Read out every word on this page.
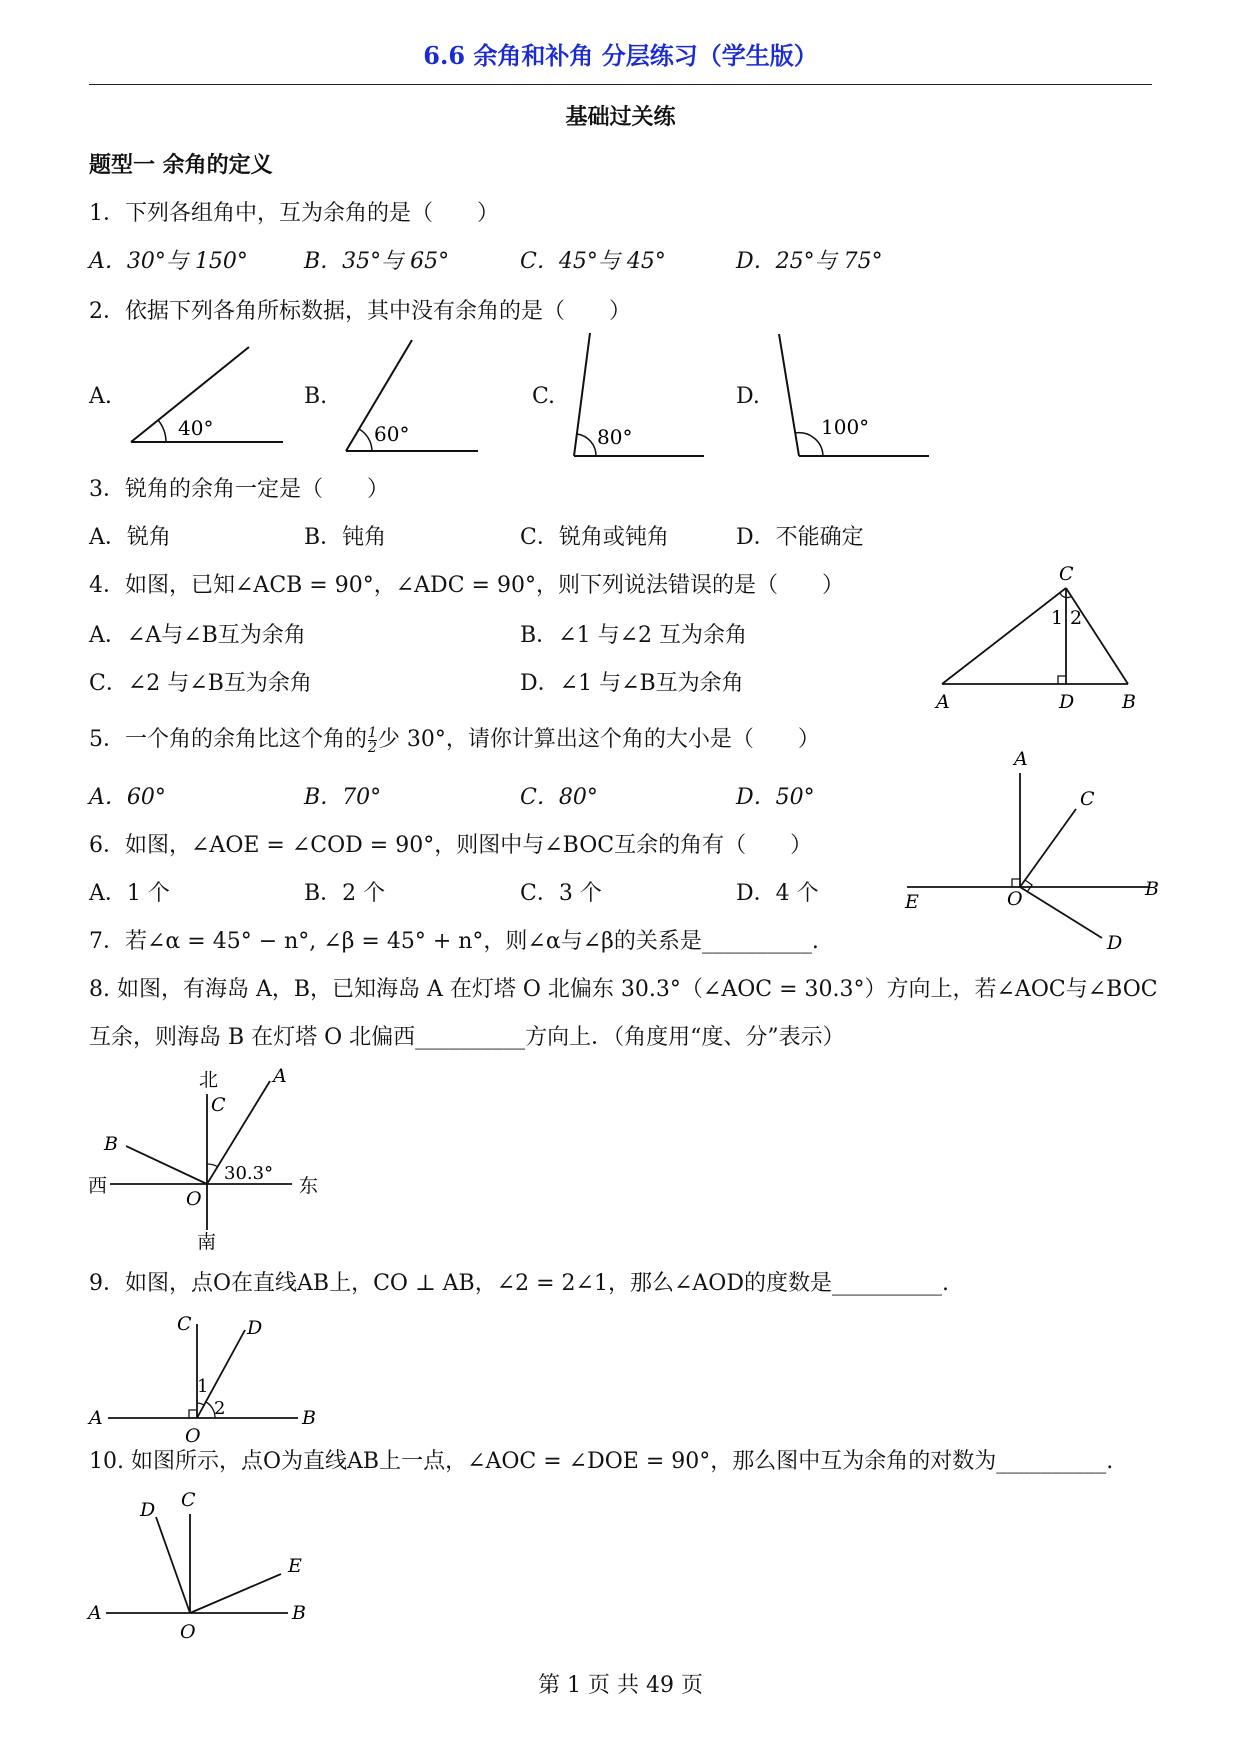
6.6 余角和补角 分层练习（学生版）
基础过关练
题型一 余角的定义
1．下列各组角中，互为余角的是（　　）
A．30°与 150°	B．35°与 65°	C．45°与 45°	D．25°与 75°
2．依据下列各角所标数据，其中没有余角的是（　　）
A.	B.	C.	D.
40°	60°	80°	100°
3．锐角的余角一定是（　　）
A．锐角	B．钝角	C．锐角或钝角	D．不能确定
4．如图，已知∠ACB = 90°，∠ADC = 90°，则下列说法错误的是（　　）
A．∠A与∠B互为余角	B．∠1 与∠2 互为余角
C．∠2 与∠B互为余角	D．∠1 与∠B互为余角
C
1 2
A	D	B
5．一个角的余角比这个角的 $\frac{1}{2}$ 少 30°，请你计算出这个角的大小是（　　）
A．60°	B．70°	C．80°	D．50°
6．如图，∠AOE = ∠COD = 90°，则图中与∠BOC互余的角有（　　）
A．1 个	B．2 个	C．3 个	D．4 个
A
C
B
D
E	O
7．若∠α = 45° − n°, ∠β = 45° + n°，则∠α与∠β的关系是__________.
8. 如图，有海岛 A，B，已知海岛 A 在灯塔 O 北偏东 30.3°（∠AOC = 30.3°）方向上，若∠AOC与∠BOC
互余，则海岛 B 在灯塔 O 北偏西__________方向上．（角度用“度、分”表示）
北
C
A
B
30.3°
西	东
O
南
9．如图，点O在直线AB上，CO ⊥ AB，∠2 = 2∠1，那么∠AOD的度数是__________.
C	D
1
2
A	B
O
10. 如图所示，点O为直线AB上一点，∠AOC = ∠DOE = 90°，那么图中互为余角的对数为__________.
C
D
E
A	B
O
第 1 页 共 49 页
